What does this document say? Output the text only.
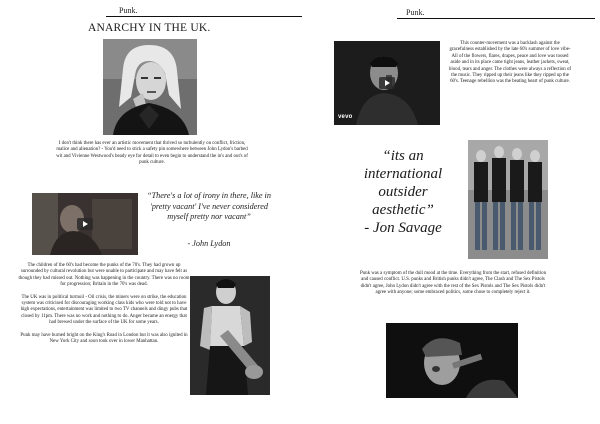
Punk.
ANARCHY IN THE UK.
I don't think there has ever an artistic movement that thrived so turbulently on conflict, friction, malice and alienation? - You'd need to stick a safety pin somewhere between John Lydon's barbed wit and Vivienne Westwood's beady eye for detail to even begin to understand the in's and out's of punk culture.
“There's a lot of irony in there, like in 'pretty vacant' I've never considered myself pretty nor vacant”
- John Lydon

The children of the 60's had become the punks of the 70's. They had grown up surrounded by cultural revolution but were unable to participate and may have felt as though they had missed out. Nothing was happening in the country. There was no room for progression; Britain in the 70's was dead.

The UK was in political turmoil - Oil crisis, the miners were on strike, the education system was criticised for discouraging working class kids who were told not to have high expectations, entertainment was limited to two TV channels and dingy pubs that closed by 11pm. There was no work and nothing to do. Anger became an energy that had brewed under the surface of the UK for some years.

Punk may have burned bright on the King's Road in London but it was also ignited in New York City and soon took over in lower Manhattan.

Punk.
vevo
This counter-movement was a backlash against the gracefulness established by the late 60's summer of love vibe- All of the flowers, flares, drapes, peace and love was tossed aside and in its place came tight jeans, leather jackets, sweat, blood, tears and anger. The clothes were always a reflection of the music. They ripped up their jeans like they ripped up the 60's. Teenage rebellion was the beating heart of punk culture.
“its an
international
outsider
aesthetic”
- Jon Savage
Punk was a symptom of the dull mood at the time. Everything from the start, refused definition and caused conflict. U.S. punks and British punks didn't agree, The Clash and The Sex Pistols didn't agree, John Lydon didn't agree with the rest of the Sex Pistols and The Sex Pistols didn't agree with anyone; some embraced politics, some chose to completely reject it.
